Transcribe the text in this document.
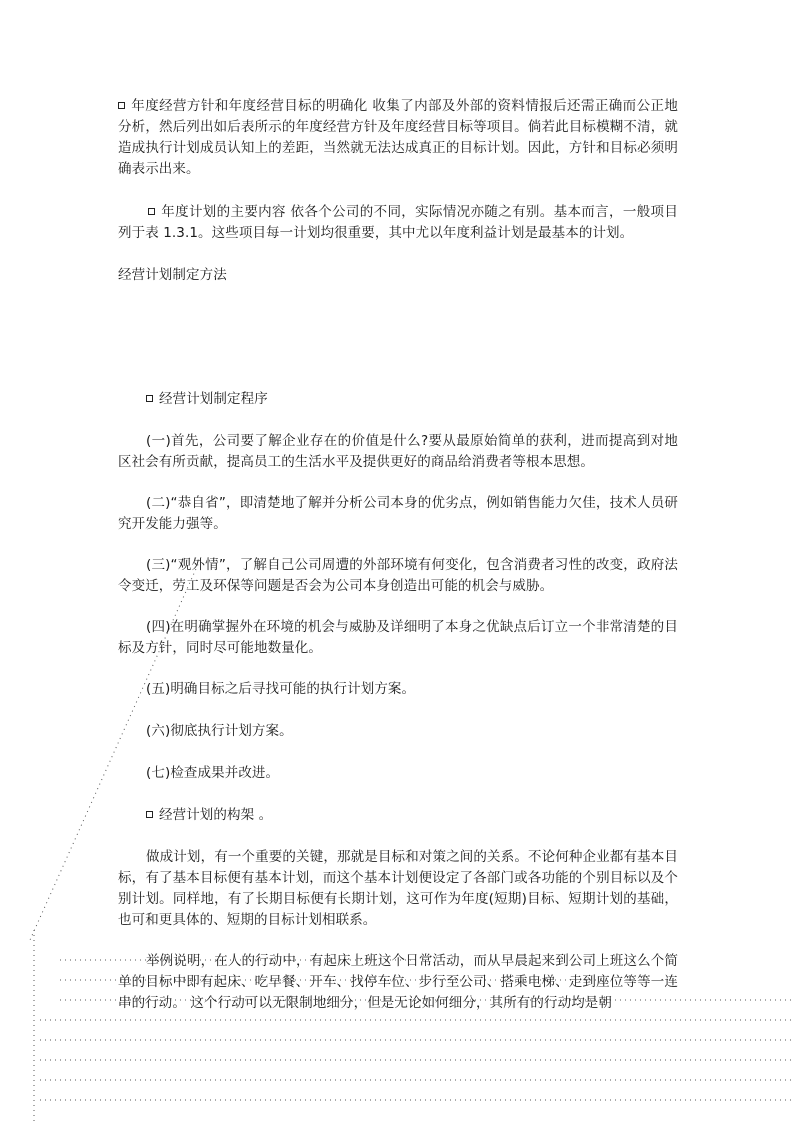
年度经营方针和年度经营目标的明确化 收集了内部及外部的资料情报后还需正确而公正地分析，然后列出如后表所示的年度经营方针及年度经营目标等项目。倘若此目标模糊不清，就造成执行计划成员认知上的差距，当然就无法达成真正的目标计划。因此，方针和目标必须明确表示出来。

年度计划的主要内容 依各个公司的不同，实际情况亦随之有别。基本而言，一般项目列于表 1.3.1。这些项目每一计划均很重要，其中尤以年度利益计划是最基本的计划。

经营计划制定方法

经营计划制定程序

(一)首先，公司要了解企业存在的价值是什么?要从最原始简单的获利，进而提高到对地区社会有所贡献，提高员工的生活水平及提供更好的商品给消费者等根本思想。

(二)“恭自省”，即清楚地了解并分析公司本身的优劣点，例如销售能力欠佳，技术人员研究开发能力强等。

(三)“观外情”，了解自己公司周遭的外部环境有何变化，包含消费者习性的改变，政府法令变迁，劳工及环保等问题是否会为公司本身创造出可能的机会与威胁。

(四)在明确掌握外在环境的机会与威胁及详细明了本身之优缺点后订立一个非常清楚的目标及方针，同时尽可能地数量化。

(五)明确目标之后寻找可能的执行计划方案。

(六)彻底执行计划方案。

(七)检查成果并改进。

经营计划的构架 。

做成计划，有一个重要的关键，那就是目标和对策之间的关系。不论何种企业都有基本目标，有了基本目标便有基本计划，而这个基本计划便设定了各部门或各功能的个别目标以及个别计划。同样地，有了长期目标便有长期计划，这可作为年度(短期)目标、短期计划的基础，也可和更具体的、短期的目标计划相联系。

举例说明，在人的行动中，有起床上班这个日常活动，而从早晨起来到公司上班这么个简单的目标中即有起床、吃早餐、开车、找停车位、步行至公司、搭乘电梯、走到座位等等一连串的行动。 这个行动可以无限制地细分，但是无论如何细分，其所有的行动均是朝
